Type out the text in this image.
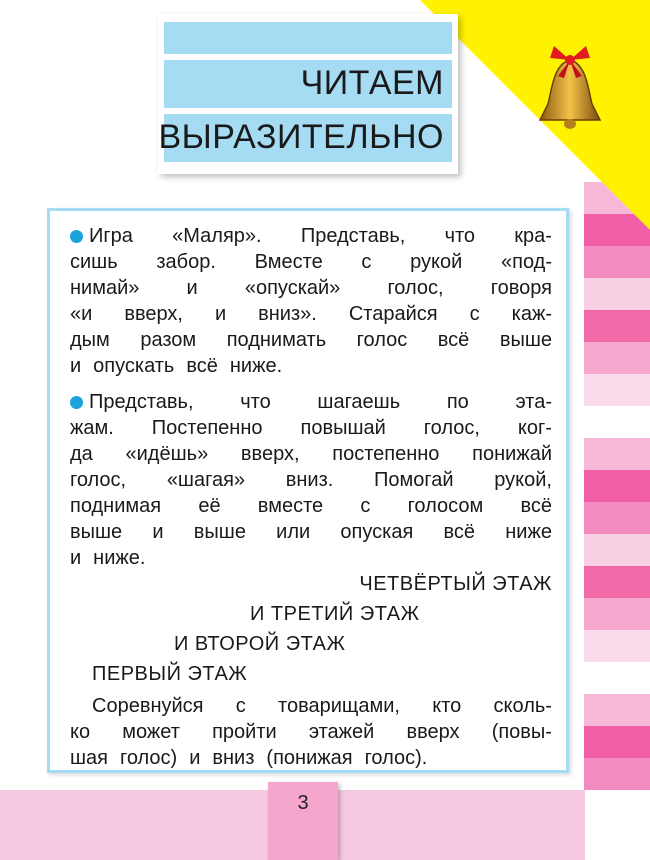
ЧИТАЕМ
ВЫРАЗИТЕЛЬНО
Игра «Маляр». Представь, что кра-
сишь забор. Вместе с рукой «под-
нимай» и «опускай» голос, говоря
«и вверх, и вниз». Старайся с каж-
дым разом поднимать голос всё выше
и опускать всё ниже.
Представь, что шагаешь по эта-
жам. Постепенно повышай голос, ког-
да «идёшь» вверх, постепенно понижай
голос, «шагая» вниз. Помогай рукой,
поднимая её вместе с голосом всё
выше и выше или опуская всё ниже
и ниже.
ЧЕТВЁРТЫЙ ЭТАЖ
И ТРЕТИЙ ЭТАЖ
И ВТОРОЙ ЭТАЖ
ПЕРВЫЙ ЭТАЖ
Соревнуйся с товарищами, кто сколь-
ко может пройти этажей вверх (повы-
шая голос) и вниз (понижая голос).
3
